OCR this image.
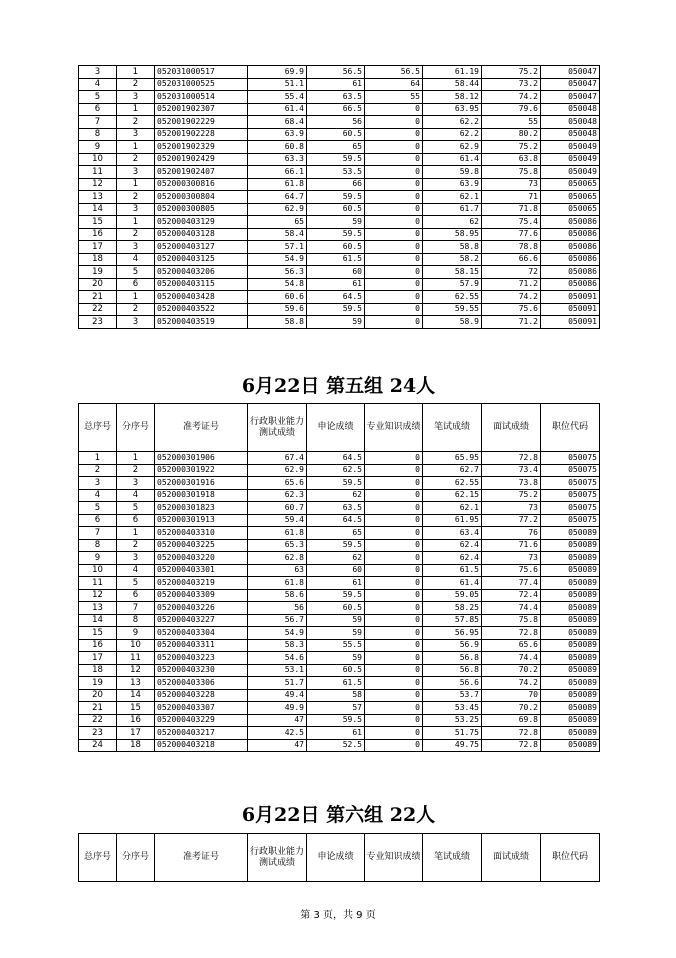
3	1	052031000517	69.9	56.5	56.5	61.19	75.2	050047
4	2	052031000525	51.1	61	64	58.44	73.2	050047
5	3	052031000514	55.4	63.5	55	58.12	74.2	050047
6	1	052001902307	61.4	66.5	0	63.95	79.6	050048
7	2	052001902229	68.4	56	0	62.2	55	050048
8	3	052001902228	63.9	60.5	0	62.2	80.2	050048
9	1	052001902329	60.8	65	0	62.9	75.2	050049
10	2	052001902429	63.3	59.5	0	61.4	63.8	050049
11	3	052001902407	66.1	53.5	0	59.8	75.8	050049
12	1	052000300816	61.8	66	0	63.9	73	050065
13	2	052000300804	64.7	59.5	0	62.1	71	050065
14	3	052000300805	62.9	60.5	0	61.7	71.8	050065
15	1	052000403129	65	59	0	62	75.4	050086
16	2	052000403128	58.4	59.5	0	58.95	77.6	050086
17	3	052000403127	57.1	60.5	0	58.8	78.8	050086
18	4	052000403125	54.9	61.5	0	58.2	66.6	050086
19	5	052000403206	56.3	60	0	58.15	72	050086
20	6	052000403115	54.8	61	0	57.9	71.2	050086
21	1	052000403428	60.6	64.5	0	62.55	74.2	050091
22	2	052000403522	59.6	59.5	0	59.55	75.6	050091
23	3	052000403519	58.8	59	0	58.9	71.2	050091
6月22日 第五组 24人
总序号	分序号	准考证号	行政职业能力测试成绩	申论成绩	专业知识成绩	笔试成绩	面试成绩	职位代码
1	1	052000301906	67.4	64.5	0	65.95	72.8	050075
2	2	052000301922	62.9	62.5	0	62.7	73.4	050075
3	3	052000301916	65.6	59.5	0	62.55	73.8	050075
4	4	052000301918	62.3	62	0	62.15	75.2	050075
5	5	052000301823	60.7	63.5	0	62.1	73	050075
6	6	052000301913	59.4	64.5	0	61.95	77.2	050075
7	1	052000403310	61.8	65	0	63.4	76	050089
8	2	052000403225	65.3	59.5	0	62.4	71.6	050089
9	3	052000403220	62.8	62	0	62.4	73	050089
10	4	052000403301	63	60	0	61.5	75.6	050089
11	5	052000403219	61.8	61	0	61.4	77.4	050089
12	6	052000403309	58.6	59.5	0	59.05	72.4	050089
13	7	052000403226	56	60.5	0	58.25	74.4	050089
14	8	052000403227	56.7	59	0	57.85	75.8	050089
15	9	052000403304	54.9	59	0	56.95	72.8	050089
16	10	052000403311	58.3	55.5	0	56.9	65.6	050089
17	11	052000403223	54.6	59	0	56.8	74.4	050089
18	12	052000403230	53.1	60.5	0	56.8	70.2	050089
19	13	052000403306	51.7	61.5	0	56.6	74.2	050089
20	14	052000403228	49.4	58	0	53.7	70	050089
21	15	052000403307	49.9	57	0	53.45	70.2	050089
22	16	052000403229	47	59.5	0	53.25	69.8	050089
23	17	052000403217	42.5	61	0	51.75	72.8	050089
24	18	052000403218	47	52.5	0	49.75	72.8	050089
6月22日 第六组 22人
总序号	分序号	准考证号	行政职业能力测试成绩	申论成绩	专业知识成绩	笔试成绩	面试成绩	职位代码
第 3 页，共 9 页
